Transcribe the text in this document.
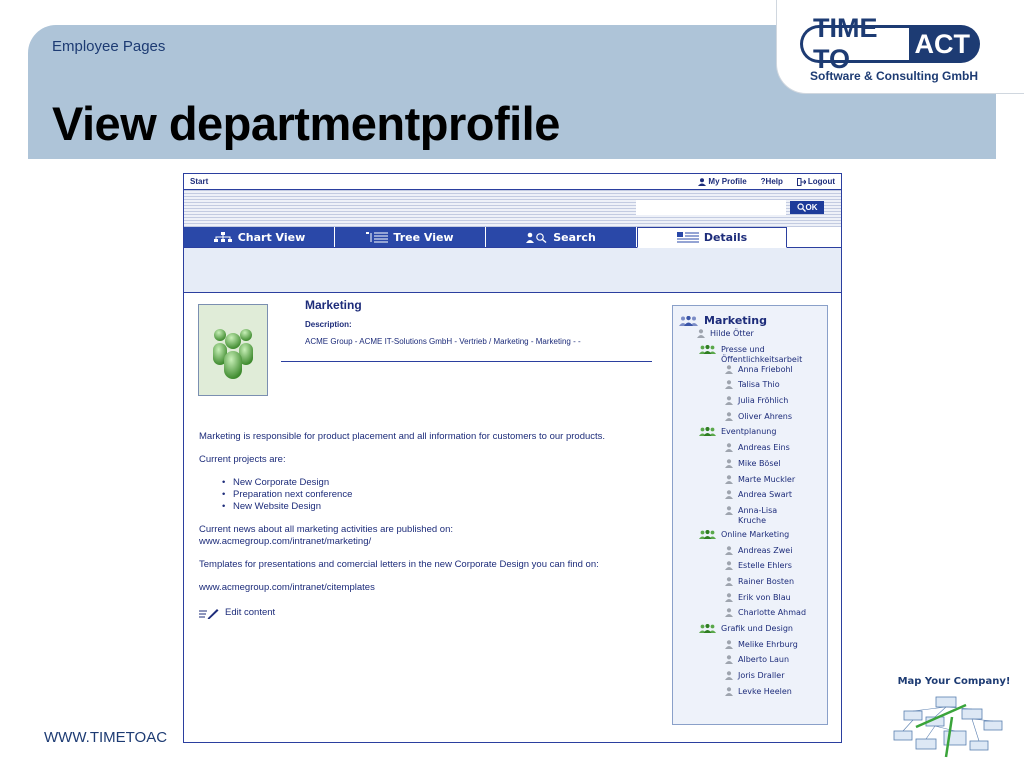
Employee Pages
View departmentprofile
TIME TO
ACT
Software & Consulting GmbH
WWW.TIMETOAC
Map Your Company!
Start	My Profile ? Help	Logout
OK
Chart View	Tree View	Search	Details
Marketing
Description:
ACME Group - ACME IT-Solutions GmbH - Vertrieb / Marketing - Marketing - -

Marketing is responsible for product placement and all information for customers to our products.

Current projects are:

• New Corporate Design
• Preparation next conference
• New Website Design

Current news about all marketing activities are published on:
www.acmegroup.com/intranet/marketing/

Templates for presentations and comercial letters in the new Corporate Design you can find on:

www.acmegroup.com/intranet/citemplates

Edit content
Marketing
Hilde Ötter
Presse und Öffentlichkeitsarbeit
Anna Friebohl
Talisa Thio
Julia Fröhlich
Oliver Ahrens
Eventplanung
Andreas Eins
Mike Bösel
Marte Muckler
Andrea Swart
Anna-Lisa Kruche
Online Marketing
Andreas Zwei
Estelle Ehlers
Rainer Bosten
Erik von Blau
Charlotte Ahmad
Grafik und Design
Melike Ehrburg
Alberto Laun
Joris Draller
Levke Heelen
